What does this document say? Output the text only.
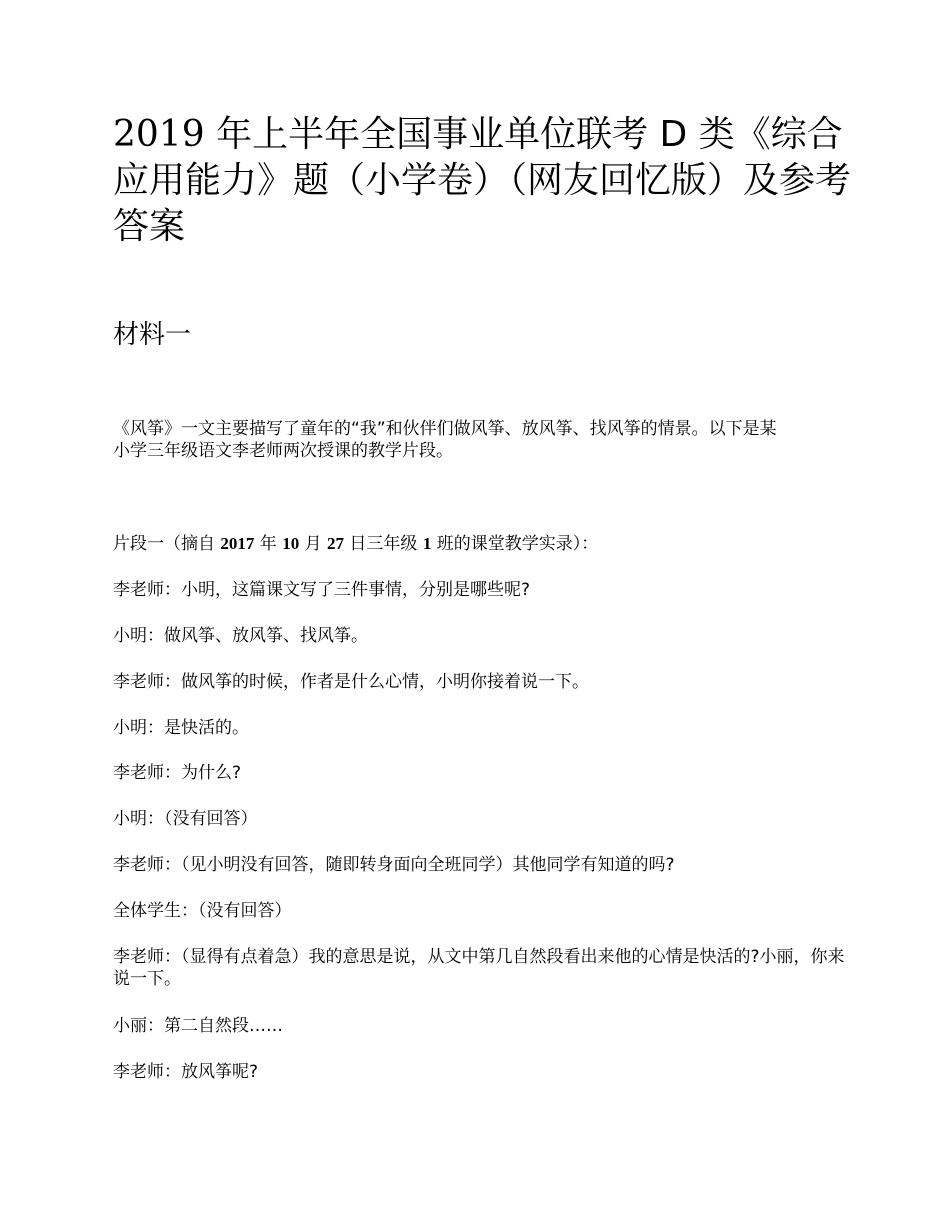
2019 年上半年全国事业单位联考 D 类《综合应用能力》题（小学卷）（网友回忆版）及参考答案
材料一
《风筝》一文主要描写了童年的“我”和伙伴们做风筝、放风筝、找风筝的情景。以下是某
小学三年级语文李老师两次授课的教学片段。
片段一（摘自 2017 年 10 月 27 日三年级 1 班的课堂教学实录）：
李老师：小明，这篇课文写了三件事情，分别是哪些呢?
小明：做风筝、放风筝、找风筝。
李老师：做风筝的时候，作者是什么心情，小明你接着说一下。
小明：是快活的。
李老师：为什么?
小明：（没有回答）
李老师：（见小明没有回答，随即转身面向全班同学）其他同学有知道的吗?
全体学生：（没有回答）
李老师：（显得有点着急）我的意思是说，从文中第几自然段看出来他的心情是快活的?小丽，你来说一下。
小丽：第二自然段……
李老师：放风筝呢?
